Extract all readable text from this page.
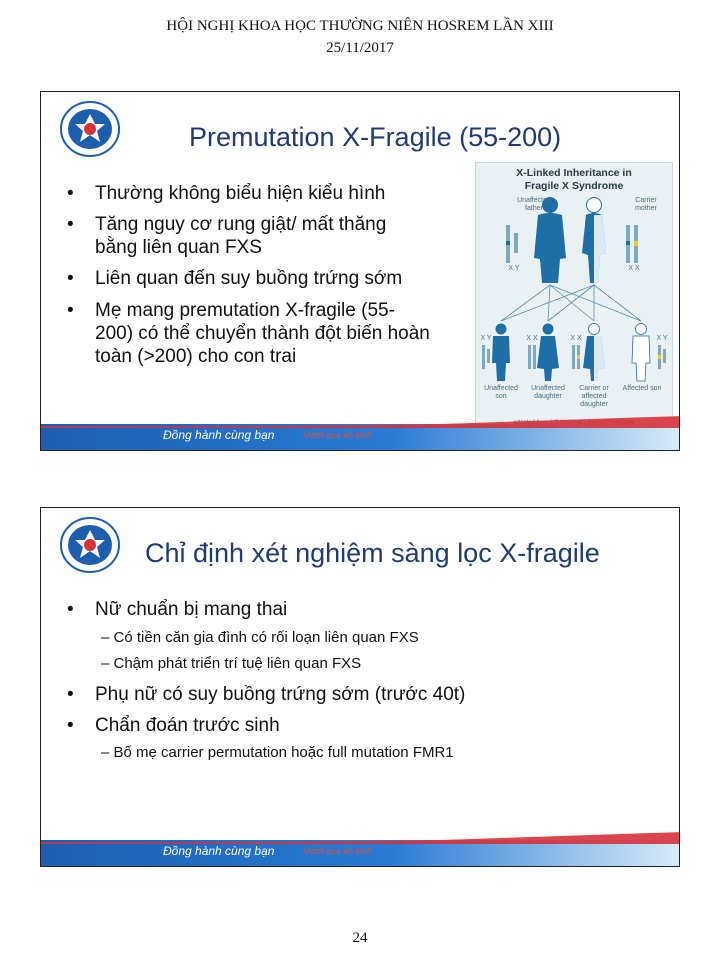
HỘI NGHỊ KHOA HỌC THƯỜNG NIÊN HOSREM LẦN XIII
25/11/2017
Premutation X-Fragile (55-200)
• Thường không biểu hiện kiểu hình
• Tăng nguy cơ rung giật/ mất thăng
bằng liên quan FXS
• Liên quan đến suy buồng trứng sớm
• Mẹ mang premutation X-fragile (55-
200) có thể chuyển thành đột biến hoàn
toàn (>200) cho con trai
X-Linked Inheritance in
Fragile X Syndrome
Unaffected father
Carrier mother
X Y	X X
X Y	X X	X X	X Y
Unaffected son
Unaffected daughter
Carrier or affected daughter
Affected son
Đồng hành cùng bạn	Vượt qua vô sinh
Chỉ định xét nghiệm sàng lọc X-fragile
• Nữ chuẩn bị mang thai
– Có tiền căn gia đình có rối loạn liên quan FXS
– Chậm phát triển trí tuệ liên quan FXS
• Phụ nữ có suy buồng trứng sớm (trước 40t)
• Chẩn đoán trước sinh
– Bố mẹ carrier permutation hoặc full mutation FMR1
Đồng hành cùng bạn	Vượt qua vô sinh
24
